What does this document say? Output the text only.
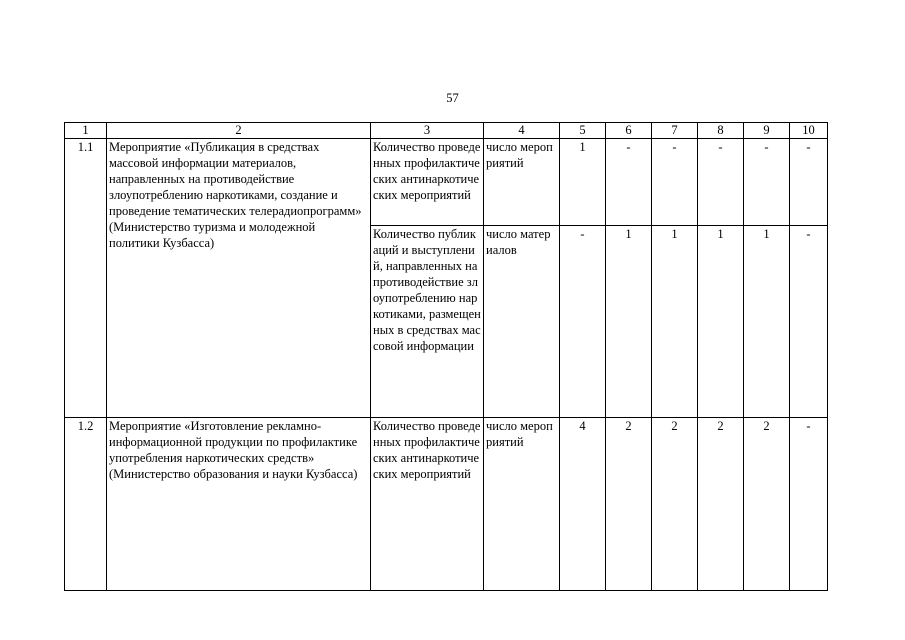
57
1	2	3	4	5	6	7	8	9	10
1.1	Мероприятие «Публикация в средствах массовой информации материалов, направленных на противодействие злоупотреблению наркотиками, создание и проведение тематических телерадиопрограмм» (Министерство туризма и молодежной политики Кузбасса)	Количество проведенных профилактических антинаркотических мероприятий	число мероприятий	1	-	-	-	-	-
		Количество публикаций и выступлений, направленных на противодействие злоупотреблению наркотиками, размещенных в средствах массовой информации	число материалов	-	1	1	1	1	-
1.2	Мероприятие «Изготовление рекламно-информационной продукции по профилактике употребления наркотических средств» (Министерство образования и науки Кузбасса)	Количество проведенных профилактических антинаркотических мероприятий	число мероприятий	4	2	2	2	2	-
